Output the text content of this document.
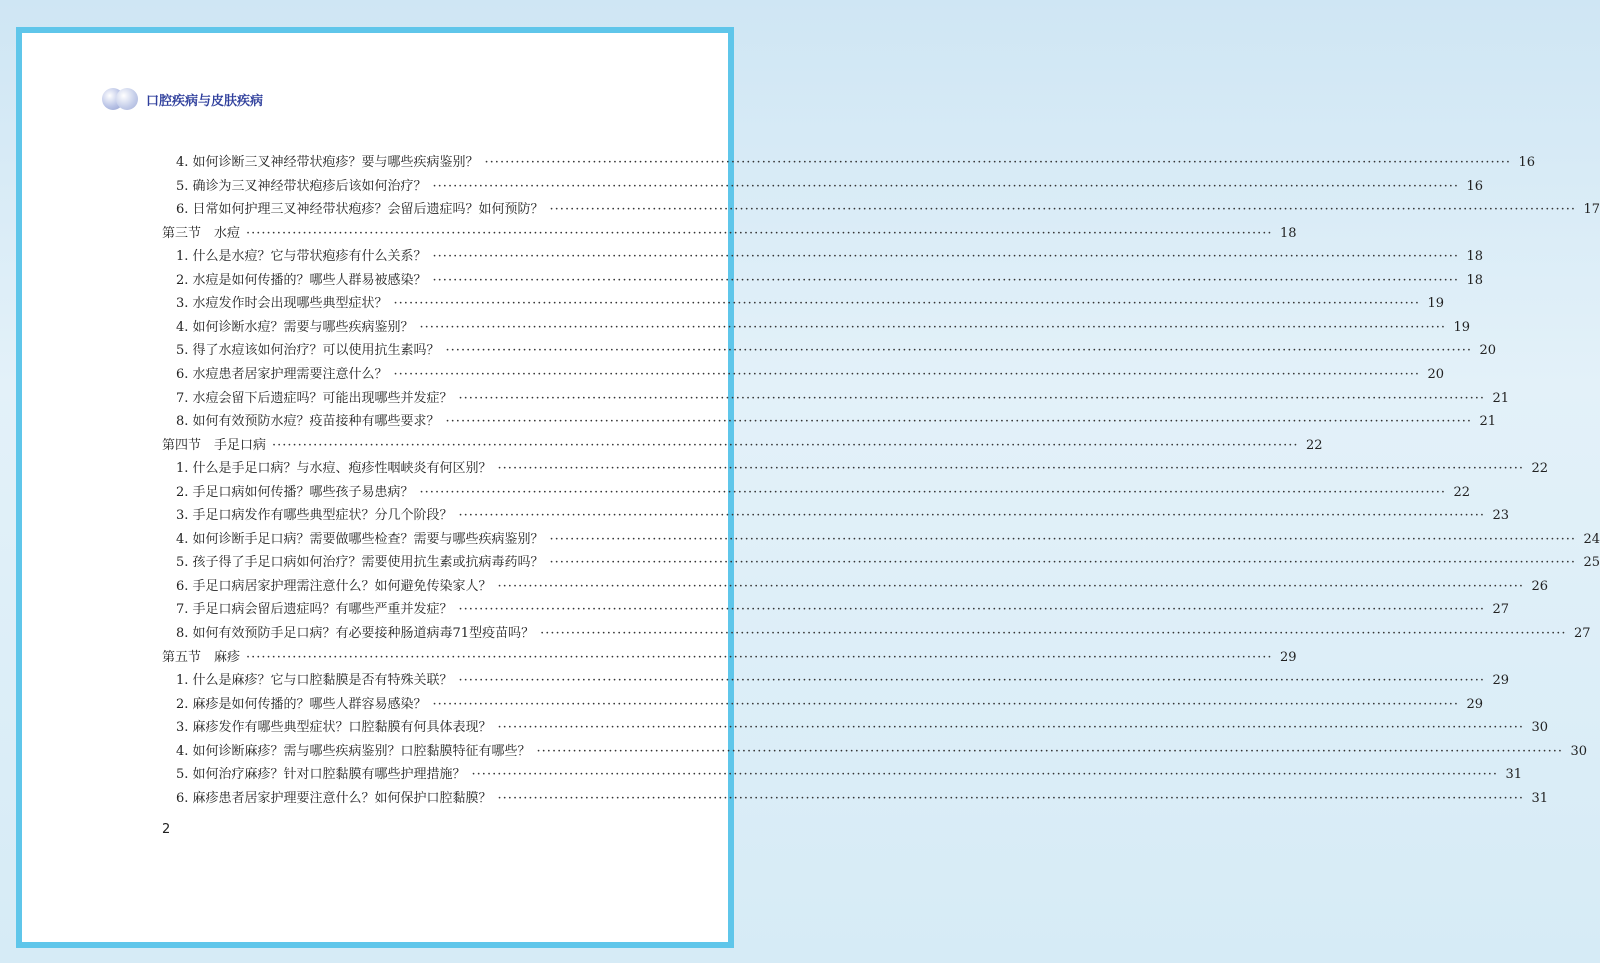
口腔疾病与皮肤疾病
4. 如何诊断三叉神经带状疱疹？要与哪些疾病鉴别？ ········································································································································································································ 16
5. 确诊为三叉神经带状疱疹后该如何治疗？ ········································································································································································································ 16
6. 日常如何护理三叉神经带状疱疹？会留后遗症吗？如何预防？ ········································································································································································································ 17
第三节　水痘 ········································································································································································································ 18
1. 什么是水痘？它与带状疱疹有什么关系？ ········································································································································································································ 18
2. 水痘是如何传播的？哪些人群易被感染？ ········································································································································································································ 18
3. 水痘发作时会出现哪些典型症状？ ········································································································································································································ 19
4. 如何诊断水痘？需要与哪些疾病鉴别？ ········································································································································································································ 19
5. 得了水痘该如何治疗？可以使用抗生素吗？ ········································································································································································································ 20
6. 水痘患者居家护理需要注意什么？ ········································································································································································································ 20
7. 水痘会留下后遗症吗？可能出现哪些并发症？ ········································································································································································································ 21
8. 如何有效预防水痘？疫苗接种有哪些要求？ ········································································································································································································ 21
第四节　手足口病 ········································································································································································································ 22
1. 什么是手足口病？与水痘、疱疹性咽峡炎有何区别？ ········································································································································································································ 22
2. 手足口病如何传播？哪些孩子易患病？ ········································································································································································································ 22
3. 手足口病发作有哪些典型症状？分几个阶段？ ········································································································································································································ 23
4. 如何诊断手足口病？需要做哪些检查？需要与哪些疾病鉴别？ ········································································································································································································ 24
5. 孩子得了手足口病如何治疗？需要使用抗生素或抗病毒药吗？ ········································································································································································································ 25
6. 手足口病居家护理需注意什么？如何避免传染家人？ ········································································································································································································ 26
7. 手足口病会留后遗症吗？有哪些严重并发症？ ········································································································································································································ 27
8. 如何有效预防手足口病？有必要接种肠道病毒71型疫苗吗？ ········································································································································································································ 27
第五节　麻疹 ········································································································································································································ 29
1. 什么是麻疹？它与口腔黏膜是否有特殊关联？ ········································································································································································································ 29
2. 麻疹是如何传播的？哪些人群容易感染？ ········································································································································································································ 29
3. 麻疹发作有哪些典型症状？口腔黏膜有何具体表现？ ········································································································································································································ 30
4. 如何诊断麻疹？需与哪些疾病鉴别？口腔黏膜特征有哪些？ ········································································································································································································ 30
5. 如何治疗麻疹？针对口腔黏膜有哪些护理措施？ ········································································································································································································ 31
6. 麻疹患者居家护理要注意什么？如何保护口腔黏膜？ ········································································································································································································ 31
2
